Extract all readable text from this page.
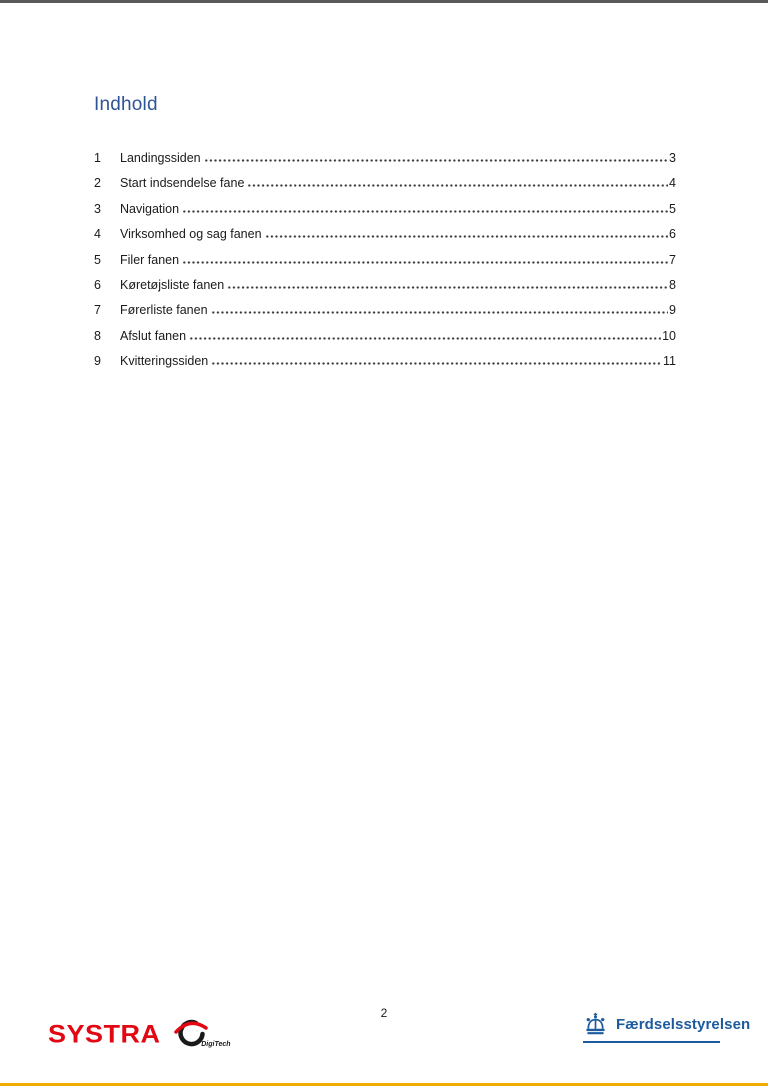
Indhold
1	Landingssiden	3
2	Start indsendelse fane	4
3	Navigation	5
4	Virksomhed og sag fanen	6
5	Filer fanen	7
6	Køretøjsliste fanen	8
7	Førerliste fanen	9
8	Afslut fanen	10
9	Kvitteringssiden	11
2
SYSTRA	DigiTech
Færdselsstyrelsen
